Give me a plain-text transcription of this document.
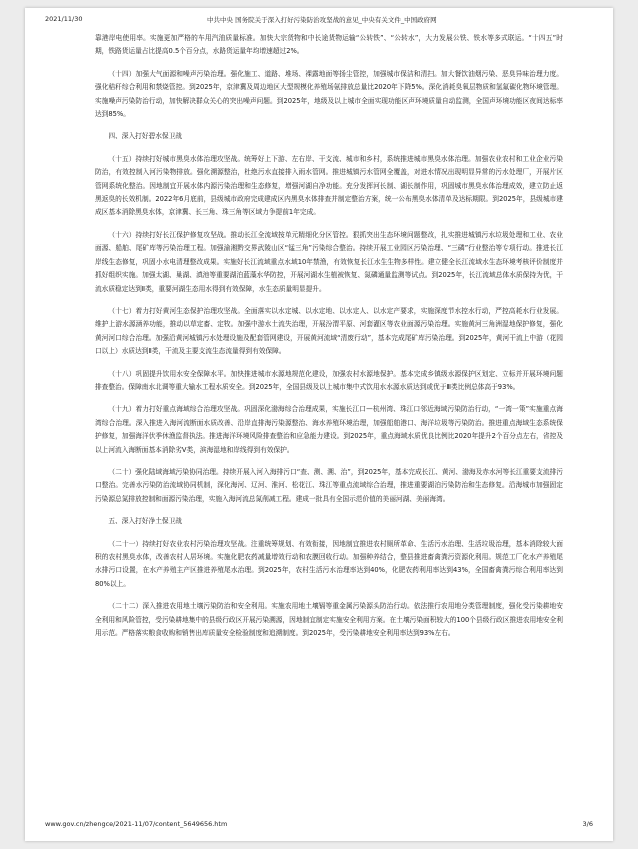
2021/11/30	中共中央 国务院关于深入打好污染防治攻坚战的意见_中央有关文件_中国政府网

靠港岸电使用率。实施更加严格的车用汽油质量标准。加快大宗货物和中长途货物运输“公转铁”、“公转水”，大力发展公铁、铁水等多式联运。“十四五”时期，铁路货运量占比提高0.5个百分点，水路货运量年均增速超过2%。

（十四）加强大气面源和噪声污染治理。强化施工、道路、堆场、裸露地面等扬尘管控，加强城市保洁和清扫。加大餐饮油烟污染、恶臭异味治理力度。强化秸秆综合利用和禁烧管控。到2025年，京津冀及周边地区大型规模化养殖场氨排放总量比2020年下降5%。深化消耗臭氧层物质和氢氟碳化物环境管理。实施噪声污染防治行动，加快解决群众关心的突出噪声问题。到2025年，地级及以上城市全面实现功能区声环境质量自动监测，全国声环境功能区夜间达标率达到85%。

四、深入打好碧水保卫战

（十五）持续打好城市黑臭水体治理攻坚战。统筹好上下游、左右岸、干支流、城市和乡村，系统推进城市黑臭水体治理。加强农业农村和工业企业污染防治，有效控制入河污染物排放。强化溯源整治，杜绝污水直接排入雨水管网。推进城镇污水管网全覆盖，对进水情况出现明显异常的污水处理厂，开展片区管网系统化整治。因地制宜开展水体内源污染治理和生态修复，增强河湖自净功能。充分发挥河长制、湖长制作用，巩固城市黑臭水体治理成效，建立防止返黑返臭的长效机制。2022年6月底前，县级城市政府完成建成区内黑臭水体排查并制定整治方案，统一公布黑臭水体清单及达标期限。到2025年，县级城市建成区基本消除黑臭水体，京津冀、长三角、珠三角等区域力争提前1年完成。

（十六）持续打好长江保护修复攻坚战。推动长江全流域按单元精细化分区管控。狠抓突出生态环境问题整改，扎实推进城镇污水垃圾处理和工业、农业面源、船舶、尾矿库等污染治理工程。加强渝湘黔交界武陵山区“锰三角”污染综合整治。持续开展工业园区污染治理、“三磷”行业整治等专项行动。推进长江岸线生态修复，巩固小水电清理整改成果。实施好长江流域重点水域10年禁渔，有效恢复长江水生生物多样性。建立健全长江流域水生态环境考核评价制度并抓好组织实施。加强太湖、巢湖、滇池等重要湖泊蓝藻水华防控，开展河湖水生植被恢复、氮磷通量监测等试点。到2025年，长江流域总体水质保持为优，干流水质稳定达到Ⅱ类，重要河湖生态用水得到有效保障，水生态质量明显提升。

（十七）着力打好黄河生态保护治理攻坚战。全面落实以水定城、以水定地、以水定人、以水定产要求，实施深度节水控水行动，严控高耗水行业发展。维护上游水源涵养功能，推动以草定畜、定牧。加强中游水土流失治理，开展汾渭平原、河套灌区等农业面源污染治理。实施黄河三角洲湿地保护修复，强化黄河河口综合治理。加强沿黄河城镇污水处理设施及配套管网建设，开展黄河流域“清废行动”，基本完成尾矿库污染治理。到2025年，黄河干流上中游（花园口以上）水质达到Ⅱ类，干流及主要支流生态流量得到有效保障。

（十八）巩固提升饮用水安全保障水平。加快推进城市水源地规范化建设，加强农村水源地保护。基本完成乡镇级水源保护区划定、立标并开展环境问题排查整治。保障南水北调等重大输水工程水质安全。到2025年，全国县级及以上城市集中式饮用水水源水质达到或优于Ⅲ类比例总体高于93%。

（十九）着力打好重点海域综合治理攻坚战。巩固深化渤海综合治理成果，实施长江口—杭州湾、珠江口邻近海域污染防治行动，“一湾一策”实施重点海湾综合治理。深入推进入海河流断面水质改善、沿岸直排海污染源整治、海水养殖环境治理，加强船舶港口、海洋垃圾等污染防治。推进重点海域生态系统保护修复，加强海洋伏季休渔监督执法。推进海洋环境风险排查整治和应急能力建设。到2025年，重点海域水质优良比例比2020年提升2个百分点左右，省控及以上河流入海断面基本消除劣Ⅴ类，滨海湿地和岸线得到有效保护。

（二十）强化陆域海域污染协同治理。持续开展入河入海排污口“查、测、溯、治”，到2025年，基本完成长江、黄河、渤海及赤水河等长江重要支流排污口整治。完善水污染防治流域协同机制，深化海河、辽河、淮河、松花江、珠江等重点流域综合治理，推进重要湖泊污染防治和生态修复。沿海城市加强固定污染源总氮排放控制和面源污染治理，实施入海河流总氮削减工程。建成一批具有全国示范价值的美丽河湖、美丽海湾。

五、深入打好净土保卫战

（二十一）持续打好农业农村污染治理攻坚战。注重统筹规划、有效衔接，因地制宜推进农村厕所革命、生活污水治理、生活垃圾治理，基本消除较大面积的农村黑臭水体，改善农村人居环境。实施化肥农药减量增效行动和农膜回收行动。加强种养结合，整县推进畜禽粪污资源化利用。规范工厂化水产养殖尾水排污口设置，在水产养殖主产区推进养殖尾水治理。到2025年，农村生活污水治理率达到40%，化肥农药利用率达到43%，全国畜禽粪污综合利用率达到80%以上。

（二十二）深入推进农用地土壤污染防治和安全利用。实施农用地土壤镉等重金属污染源头防治行动。依法推行农用地分类管理制度，强化受污染耕地安全利用和风险管控，受污染耕地集中的县级行政区开展污染溯源，因地制宜制定实施安全利用方案。在土壤污染面积较大的100个县级行政区推进农用地安全利用示范。严格落实粮食收购和销售出库质量安全检验制度和追溯制度。到2025年，受污染耕地安全利用率达到93%左右。

www.gov.cn/zhengce/2021-11/07/content_5649656.htm	3/6
